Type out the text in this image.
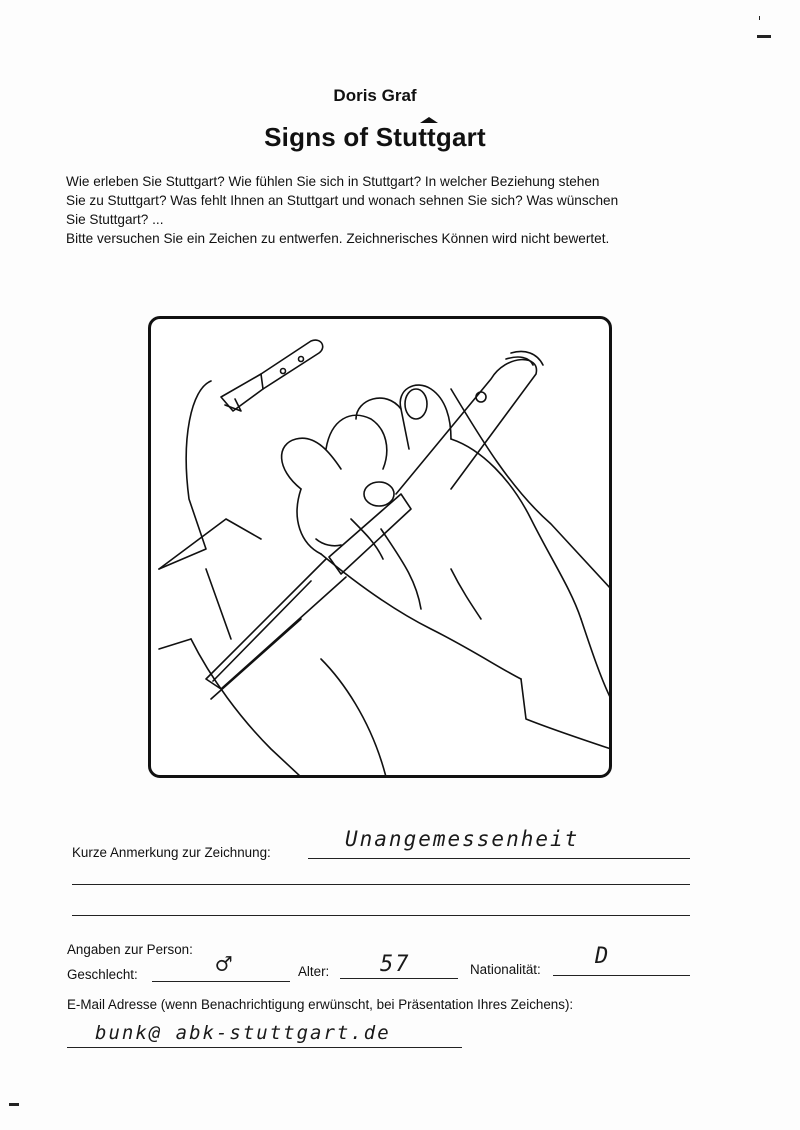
Doris Graf
Signs of Stuttgart
Wie erleben Sie Stuttgart? Wie fühlen Sie sich in Stuttgart? In welcher Beziehung stehen
Sie zu Stuttgart? Was fehlt Ihnen an Stuttgart und wonach sehnen Sie sich? Was wünschen
Sie Stuttgart? ...
Bitte versuchen Sie ein Zeichen zu entwerfen. Zeichnerisches Können wird nicht bewertet.
Kurze Anmerkung zur Zeichnung:
Unangemessenheit
Angaben zur Person:
Geschlecht:	♂	Alter: 57	Nationalität:
D
E-Mail Adresse (wenn Benachrichtigung erwünscht, bei Präsentation Ihres Zeichens):
bunk@ abk-stuttgart.de
